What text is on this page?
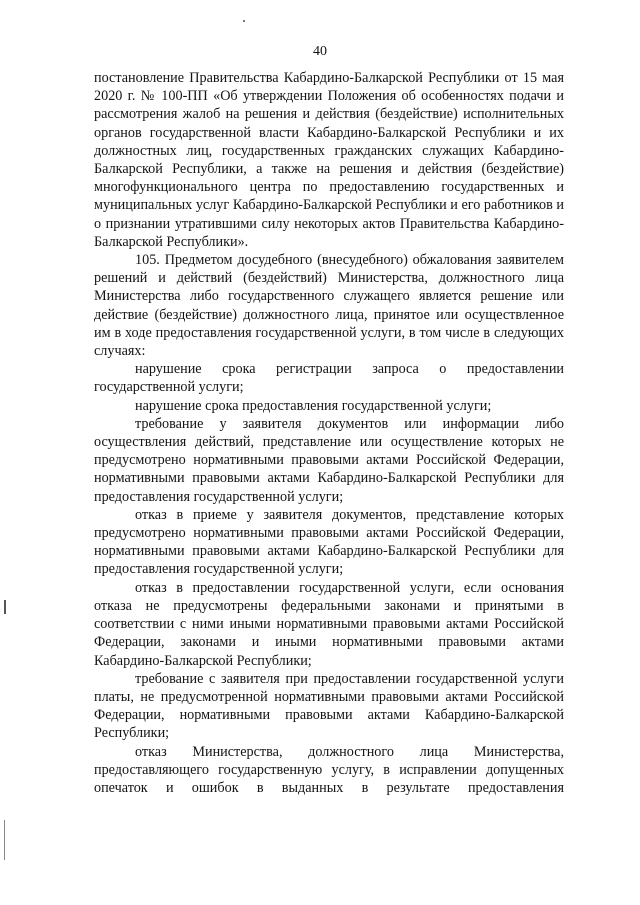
40

постановление Правительства Кабардино-Балкарской Республики от 15 мая 2020 г. № 100-ПП «Об утверждении Положения об особенностях подачи и рассмотрения жалоб на решения и действия (бездействие) исполнительных органов государственной власти Кабардино-Балкарской Республики и их должностных лиц, государственных гражданских служащих Кабардино-Балкарской Республики, а также на решения и действия (бездействие) многофункционального центра по предоставлению государственных и муниципальных услуг Кабардино-Балкарской Республики и его работников и о признании утратившими силу некоторых актов Правительства Кабардино-Балкарской Республики».

105. Предметом досудебного (внесудебного) обжалования заявителем решений и действий (бездействий) Министерства, должностного лица Министерства либо государственного служащего является решение или действие (бездействие) должностного лица, принятое или осуществленное им в ходе предоставления государственной услуги, в том числе в следующих случаях:

нарушение срока регистрации запроса о предоставлении государственной услуги;

нарушение срока предоставления государственной услуги;

требование у заявителя документов или информации либо осуществления действий, представление или осуществление которых не предусмотрено нормативными правовыми актами Российской Федерации, нормативными правовыми актами Кабардино-Балкарской Республики для предоставления государственной услуги;

отказ в приеме у заявителя документов, представление которых предусмотрено нормативными правовыми актами Российской Федерации, нормативными правовыми актами Кабардино-Балкарской Республики для предоставления государственной услуги;

отказ в предоставлении государственной услуги, если основания отказа не предусмотрены федеральными законами и принятыми в соответствии с ними иными нормативными правовыми актами Российской Федерации, законами и иными нормативными правовыми актами Кабардино-Балкарской Республики;

требование с заявителя при предоставлении государственной услуги платы, не предусмотренной нормативными правовыми актами Российской Федерации, нормативными правовыми актами Кабардино-Балкарской Республики;

отказ Министерства, должностного лица Министерства, предоставляющего государственную услугу, в исправлении допущенных опечаток и ошибок в выданных в результате предоставления
